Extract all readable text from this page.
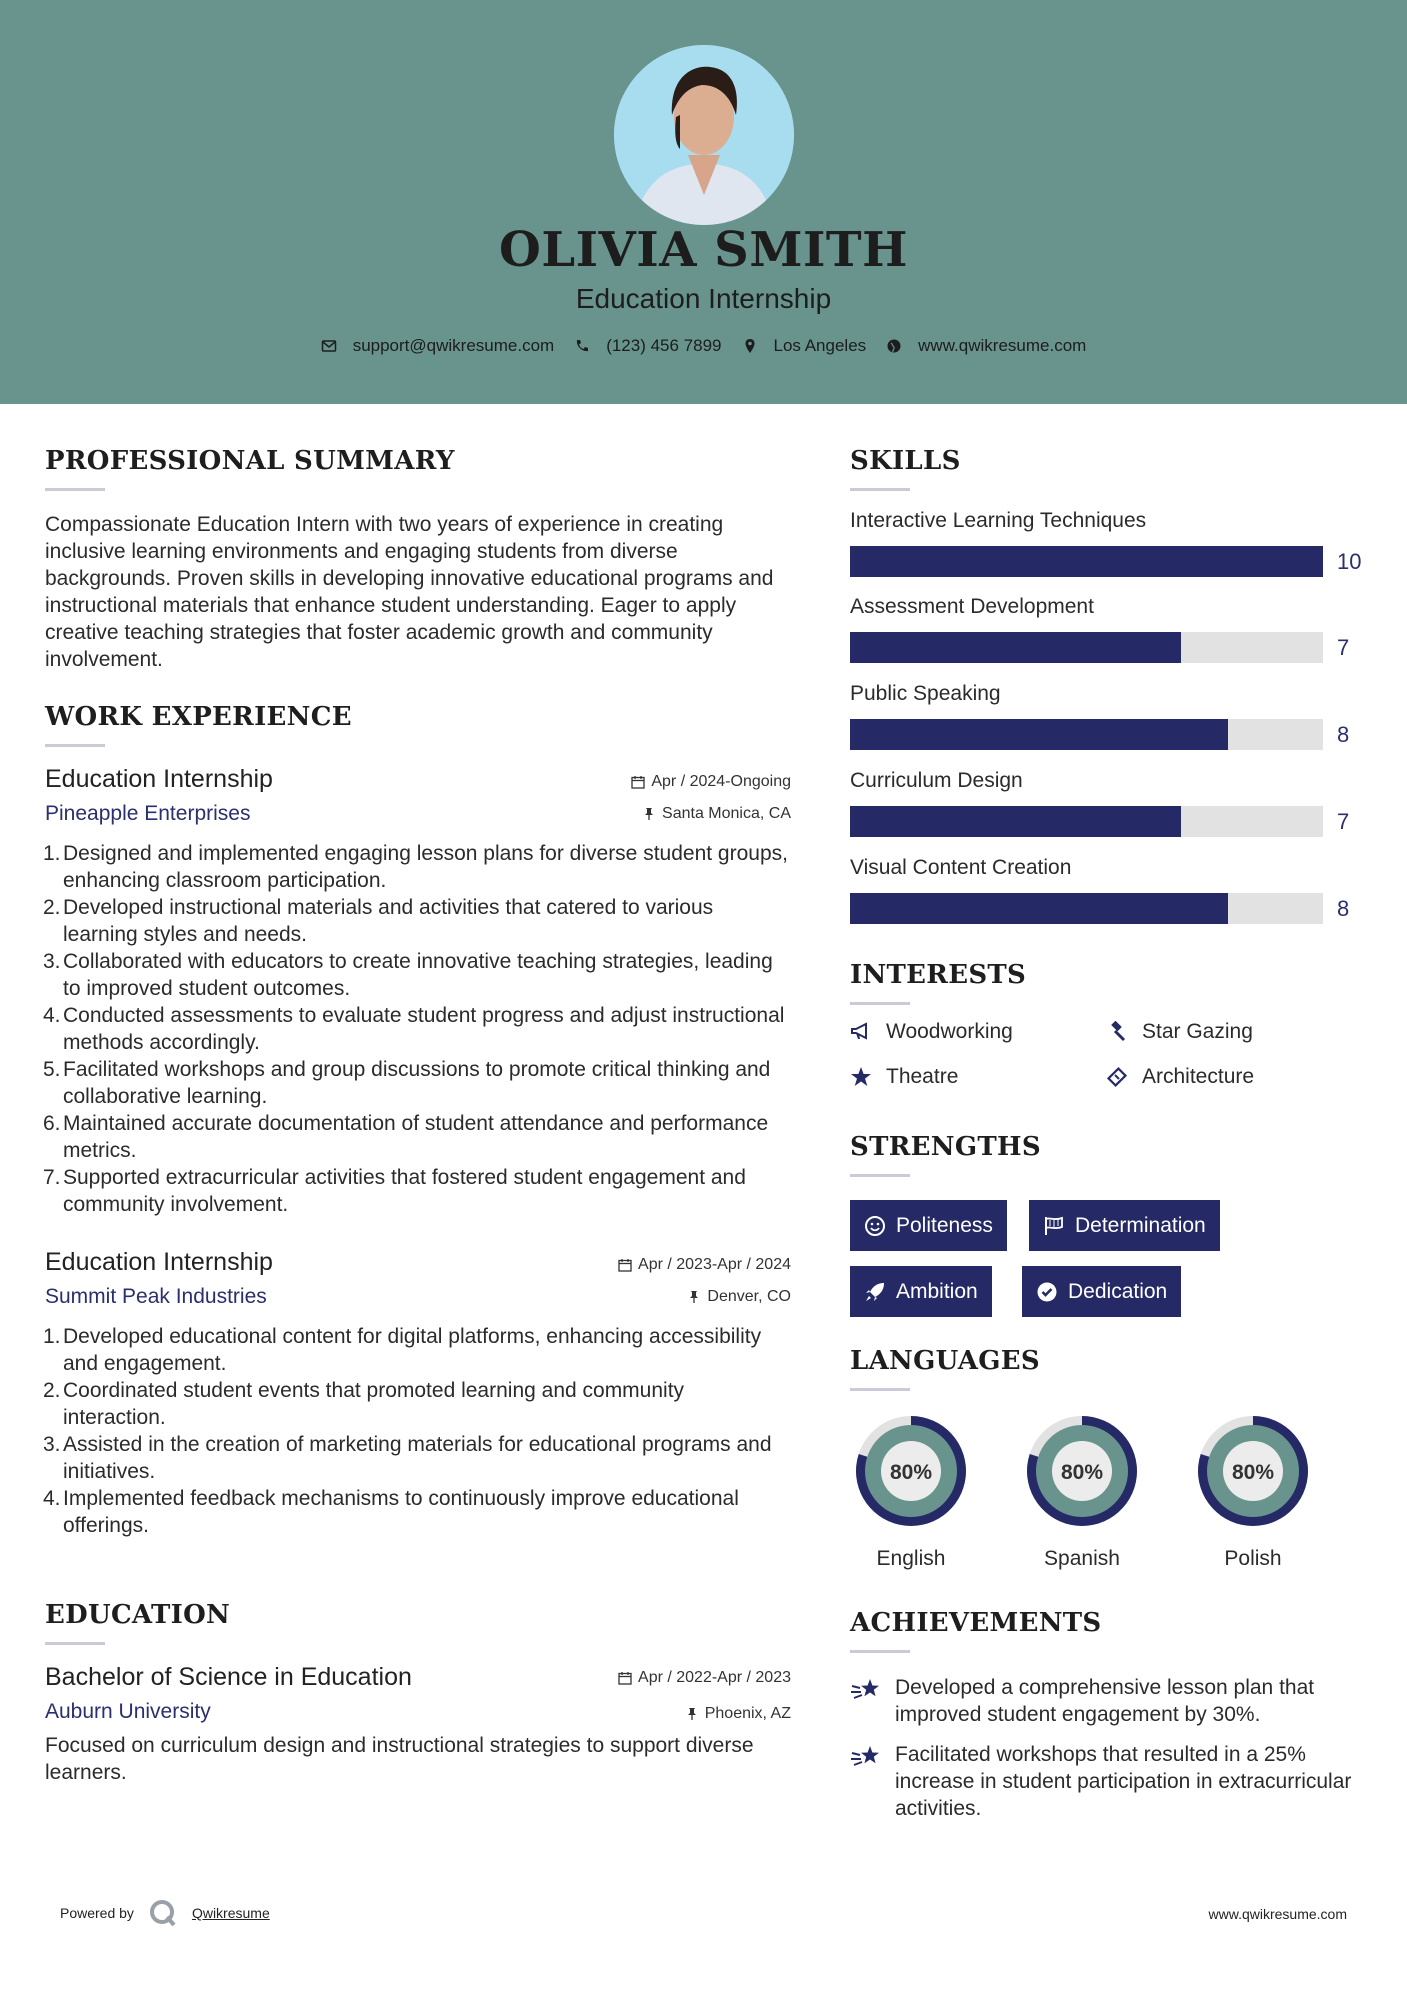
OLIVIA SMITH
Education Internship
support@qwikresume.com	(123) 456 7899	Los Angeles	www.qwikresume.com
PROFESSIONAL SUMMARY
Compassionate Education Intern with two years of experience in creating inclusive learning environments and engaging students from diverse backgrounds. Proven skills in developing innovative educational programs and instructional materials that enhance student understanding. Eager to apply creative teaching strategies that foster academic growth and community involvement.
WORK EXPERIENCE
Apr / 2024-Ongoing
Santa Monica, CA
Education Internship
Pineapple Enterprises
1. Designed and implemented engaging lesson plans for diverse student groups, enhancing classroom participation.
2. Developed instructional materials and activities that catered to various learning styles and needs.
3. Collaborated with educators to create innovative teaching strategies, leading to improved student outcomes.
4. Conducted assessments to evaluate student progress and adjust instructional methods accordingly.
5. Facilitated workshops and group discussions to promote critical thinking and collaborative learning.
6. Maintained accurate documentation of student attendance and performance metrics.
7. Supported extracurricular activities that fostered student engagement and community involvement.
Apr / 2023-Apr / 2024
Denver, CO
Education Internship
Summit Peak Industries
1. Developed educational content for digital platforms, enhancing accessibility and engagement.
2. Coordinated student events that promoted learning and community interaction.
3. Assisted in the creation of marketing materials for educational programs and initiatives.
4. Implemented feedback mechanisms to continuously improve educational offerings.
EDUCATION
Apr / 2022-Apr / 2023
Phoenix, AZ
Bachelor of Science in Education
Auburn University
Focused on curriculum design and instructional strategies to support diverse learners.
SKILLS
Interactive Learning Techniques
10
Assessment Development
7
Public Speaking
8
Curriculum Design
7
Visual Content Creation
8
INTERESTS
Woodworking	Star Gazing
Theatre	Architecture
STRENGTHS
Politeness	Determination
Ambition	Dedication
LANGUAGES
80%
English
80%
Spanish
80%
Polish
ACHIEVEMENTS
Developed a comprehensive lesson plan that improved student engagement by 30%.
Facilitated workshops that resulted in a 25% increase in student participation in extracurricular activities.
Powered by	Qwikresume	www.qwikresume.com
